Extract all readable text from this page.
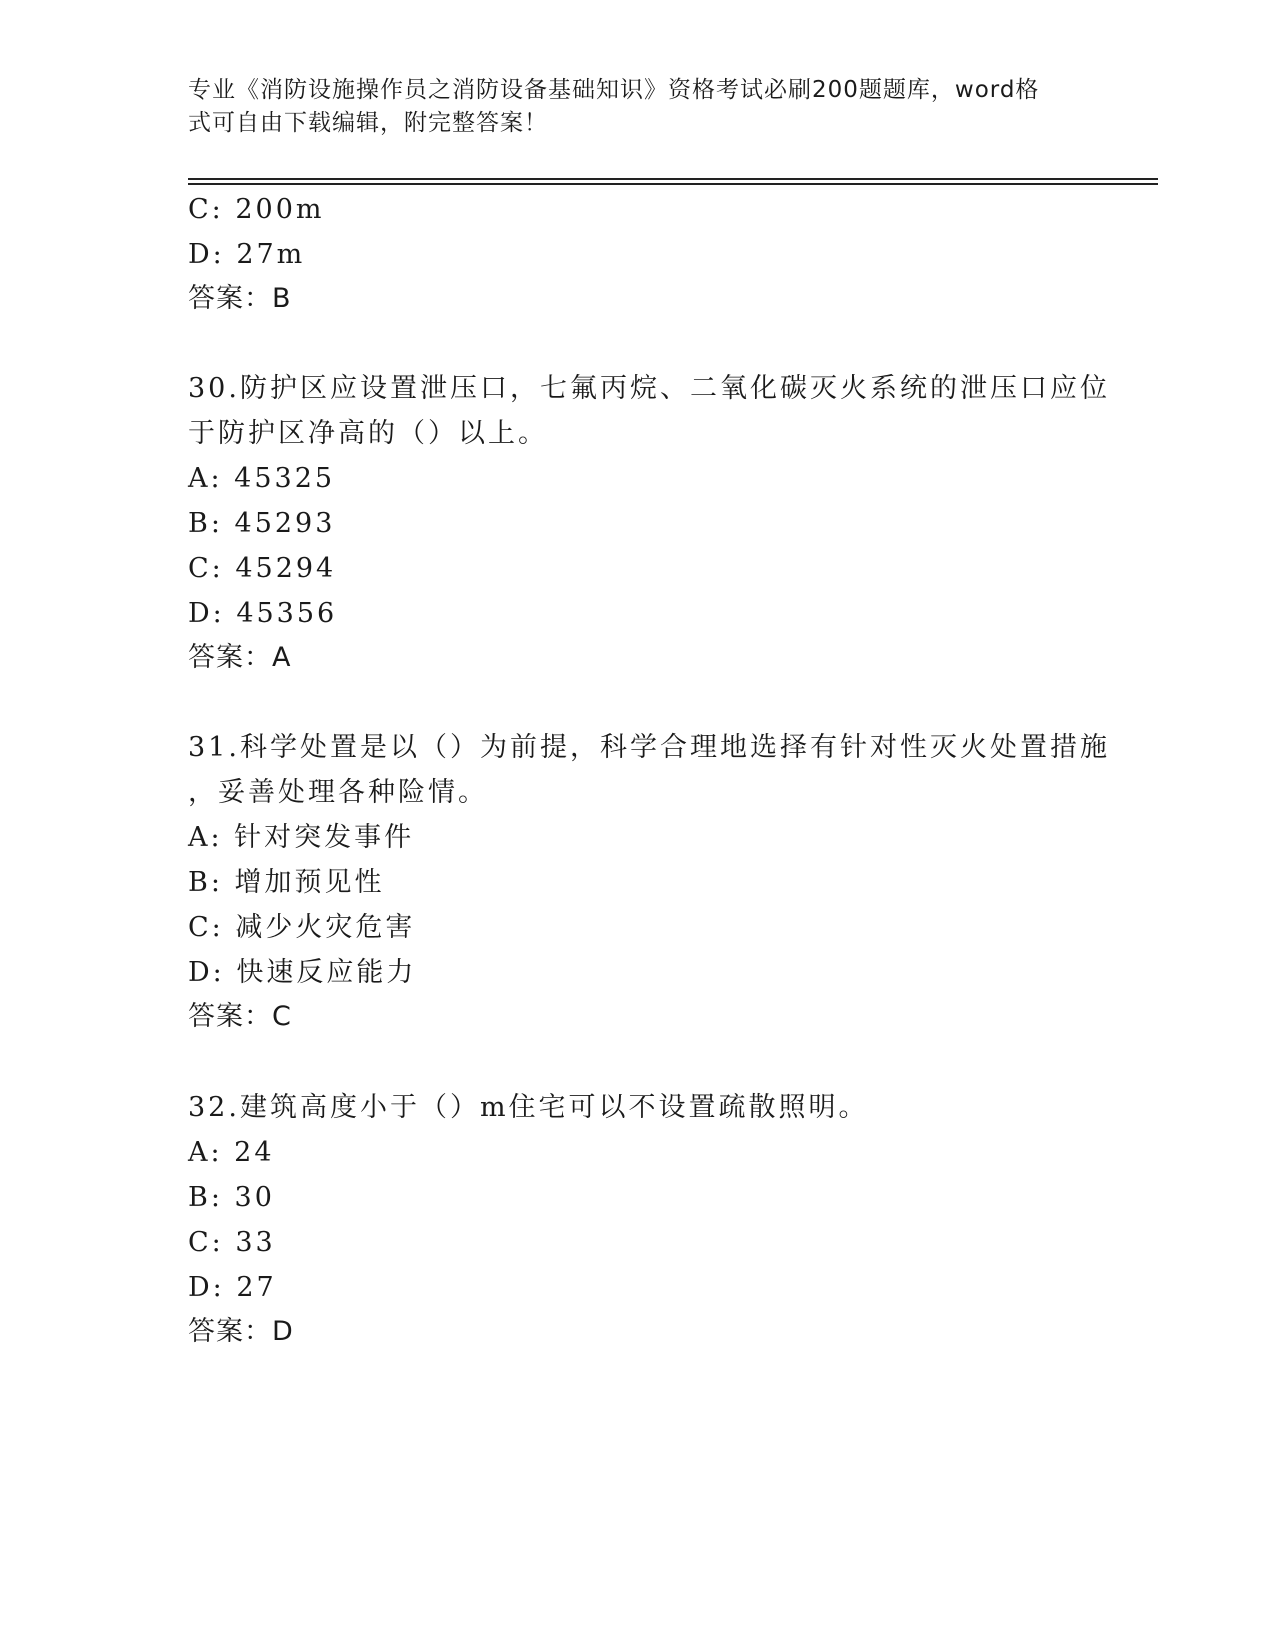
专业《消防设施操作员之消防设备基础知识》资格考试必刷200题题库，word格
式可自由下载编辑，附完整答案！
C: 200m
D: 27m
答案：B
30.防护区应设置泄压口，七氟丙烷、二氧化碳灭火系统的泄压口应位
于防护区净高的（）以上。
A: 45325
B: 45293
C: 45294
D: 45356
答案：A
31.科学处置是以（）为前提，科学合理地选择有针对性灭火处置措施
，妥善处理各种险情。
A: 针对突发事件
B: 增加预见性
C: 减少火灾危害
D: 快速反应能力
答案：C
32.建筑高度小于（）m住宅可以不设置疏散照明。
A: 24
B: 30
C: 33
D: 27
答案：D
